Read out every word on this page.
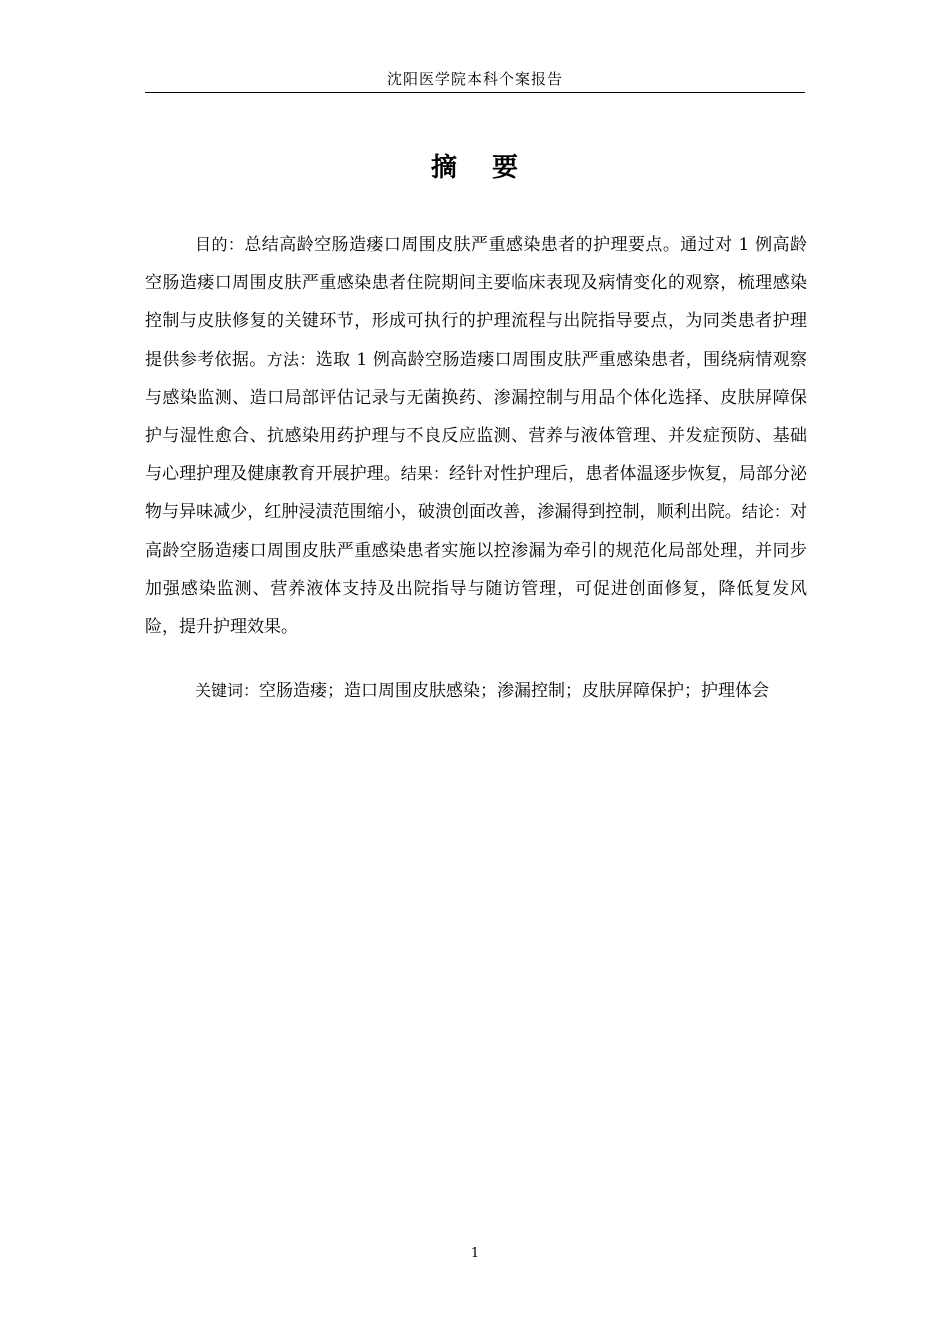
沈阳医学院本科个案报告
摘 要

目的：总结高龄空肠造瘘口周围皮肤严重感染患者的护理要点。通过对 1 例高龄空肠造瘘口周围皮肤严重感染患者住院期间主要临床表现及病情变化的观察，梳理感染控制与皮肤修复的关键环节，形成可执行的护理流程与出院指导要点，为同类患者护理提供参考依据。方法：选取 1 例高龄空肠造瘘口周围皮肤严重感染患者，围绕病情观察与感染监测、造口局部评估记录与无菌换药、渗漏控制与用品个体化选择、皮肤屏障保护与湿性愈合、抗感染用药护理与不良反应监测、营养与液体管理、并发症预防、基础与心理护理及健康教育开展护理。结果：经针对性护理后，患者体温逐步恢复，局部分泌物与异味减少，红肿浸渍范围缩小，破溃创面改善，渗漏得到控制，顺利出院。结论：对高龄空肠造瘘口周围皮肤严重感染患者实施以控渗漏为牵引的规范化局部处理，并同步加强感染监测、营养液体支持及出院指导与随访管理，可促进创面修复，降低复发风险，提升护理效果。

关键词：空肠造瘘；造口周围皮肤感染；渗漏控制；皮肤屏障保护；护理体会

1
